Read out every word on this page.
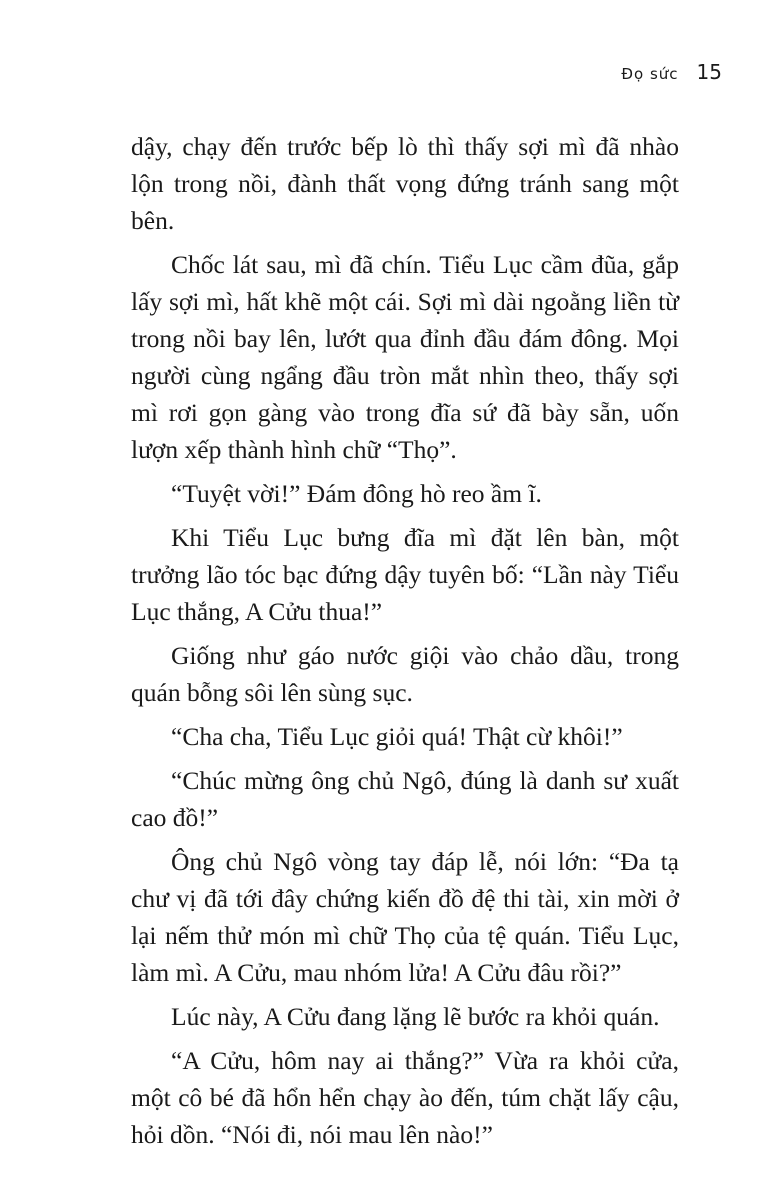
Đọ sức 15

dậy, chạy đến trước bếp lò thì thấy sợi mì đã nhào lộn trong nồi, đành thất vọng đứng tránh sang một bên.

Chốc lát sau, mì đã chín. Tiểu Lục cầm đũa, gắp lấy sợi mì, hất khẽ một cái. Sợi mì dài ngoằng liền từ trong nồi bay lên, lướt qua đỉnh đầu đám đông. Mọi người cùng ngẩng đầu tròn mắt nhìn theo, thấy sợi mì rơi gọn gàng vào trong đĩa sứ đã bày sẵn, uốn lượn xếp thành hình chữ “Thọ”.

“Tuyệt vời!” Đám đông hò reo ầm ĩ.

Khi Tiểu Lục bưng đĩa mì đặt lên bàn, một trưởng lão tóc bạc đứng dậy tuyên bố: “Lần này Tiểu Lục thắng, A Cửu thua!”

Giống như gáo nước giội vào chảo dầu, trong quán bỗng sôi lên sùng sục.

“Cha cha, Tiểu Lục giỏi quá! Thật cừ khôi!”

“Chúc mừng ông chủ Ngô, đúng là danh sư xuất cao đồ!”

Ông chủ Ngô vòng tay đáp lễ, nói lớn: “Đa tạ chư vị đã tới đây chứng kiến đồ đệ thi tài, xin mời ở lại nếm thử món mì chữ Thọ của tệ quán. Tiểu Lục, làm mì. A Cửu, mau nhóm lửa! A Cửu đâu rồi?”

Lúc này, A Cửu đang lặng lẽ bước ra khỏi quán.

“A Cửu, hôm nay ai thắng?” Vừa ra khỏi cửa, một cô bé đã hổn hển chạy ào đến, túm chặt lấy cậu, hỏi dồn. “Nói đi, nói mau lên nào!”
